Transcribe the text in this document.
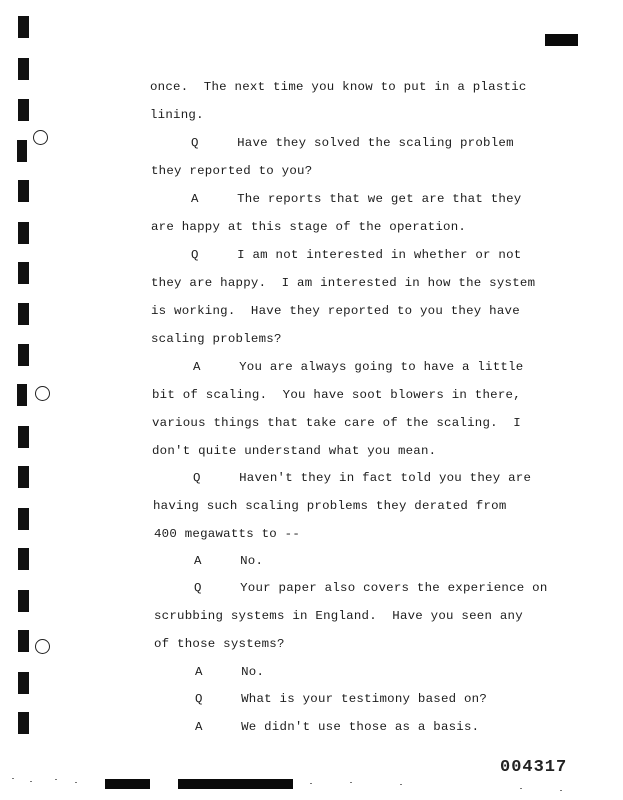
once.  The next time you know to put in a plastic
lining.
Q     Have they solved the scaling problem
they reported to you?
A     The reports that we get are that they
are happy at this stage of the operation.
Q     I am not interested in whether or not
they are happy.  I am interested in how the system
is working.  Have they reported to you they have
scaling problems?
A     You are always going to have a little
bit of scaling.  You have soot blowers in there,
various things that take care of the scaling.  I
don't quite understand what you mean.
Q     Haven't they in fact told you they are
having such scaling problems they derated from
400 megawatts to --
A     No.
Q     Your paper also covers the experience on
scrubbing systems in England.  Have you seen any
of those systems?
A     No.
Q     What is your testimony based on?
A     We didn't use those as a basis.
004317
